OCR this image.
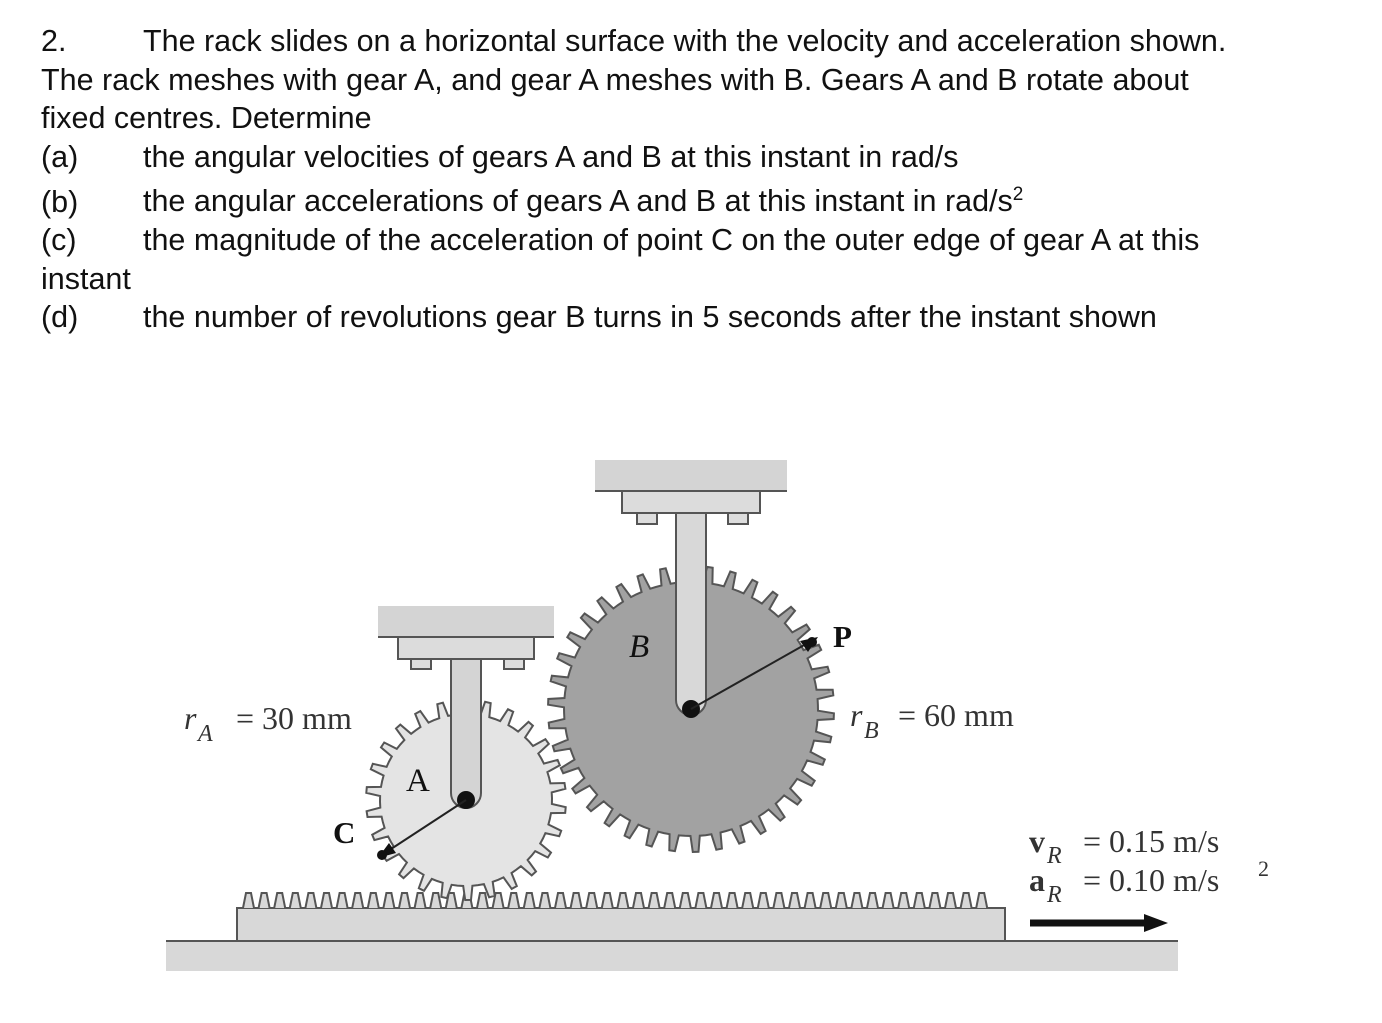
2.	The rack slides on a horizontal surface with the velocity and acceleration shown.
The rack meshes with gear A, and gear A meshes with B. Gears A and B rotate about
fixed centres. Determine
(a) the angular velocities of gears A and B at this instant in rad/s
(b) the angular accelerations of gears A and B at this instant in rad/$s^2$
(c) the magnitude of the acceleration of point C on the outer edge of gear A at this
instant
(d) the number of revolutions gear B turns in 5 seconds after the instant shown
A
B
C
P
r A = 30 mm	r B = 60 mm
v R = 0.15 m/s
a R = 0.10 m/s 2
